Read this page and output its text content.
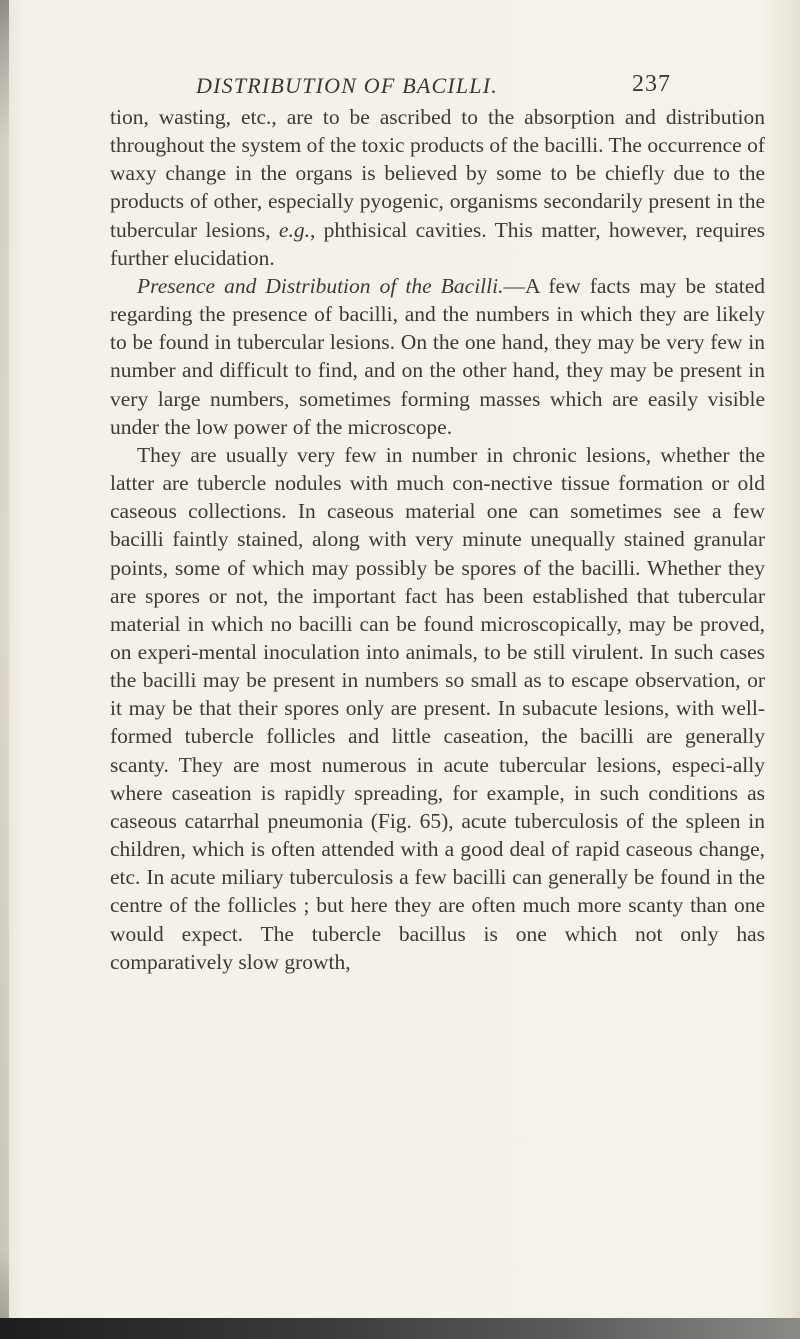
DISTRIBUTION OF BACILLI.	237

tion, wasting, etc., are to be ascribed to the absorption and distribution throughout the system of the toxic products of the bacilli. The occurrence of waxy change in the organs is believed by some to be chiefly due to the products of other, especially pyogenic, organisms secondarily present in the tubercular lesions, e.g., phthisical cavities. This matter, however, requires further elucidation.

Presence and Distribution of the Bacilli.—A few facts may be stated regarding the presence of bacilli, and the numbers in which they are likely to be found in tubercular lesions. On the one hand, they may be very few in number and difficult to find, and on the other hand, they may be present in very large numbers, sometimes forming masses which are easily visible under the low power of the microscope.

They are usually very few in number in chronic lesions, whether the latter are tubercle nodules with much con-nective tissue formation or old caseous collections. In caseous material one can sometimes see a few bacilli faintly stained, along with very minute unequally stained granular points, some of which may possibly be spores of the bacilli. Whether they are spores or not, the important fact has been established that tubercular material in which no bacilli can be found microscopically, may be proved, on experi-mental inoculation into animals, to be still virulent. In such cases the bacilli may be present in numbers so small as to escape observation, or it may be that their spores only are present. In subacute lesions, with well-formed tubercle follicles and little caseation, the bacilli are generally scanty. They are most numerous in acute tubercular lesions, especi-ally where caseation is rapidly spreading, for example, in such conditions as caseous catarrhal pneumonia (Fig. 65), acute tuberculosis of the spleen in children, which is often attended with a good deal of rapid caseous change, etc. In acute miliary tuberculosis a few bacilli can generally be found in the centre of the follicles ; but here they are often much more scanty than one would expect. The tubercle bacillus is one which not only has comparatively slow growth,
